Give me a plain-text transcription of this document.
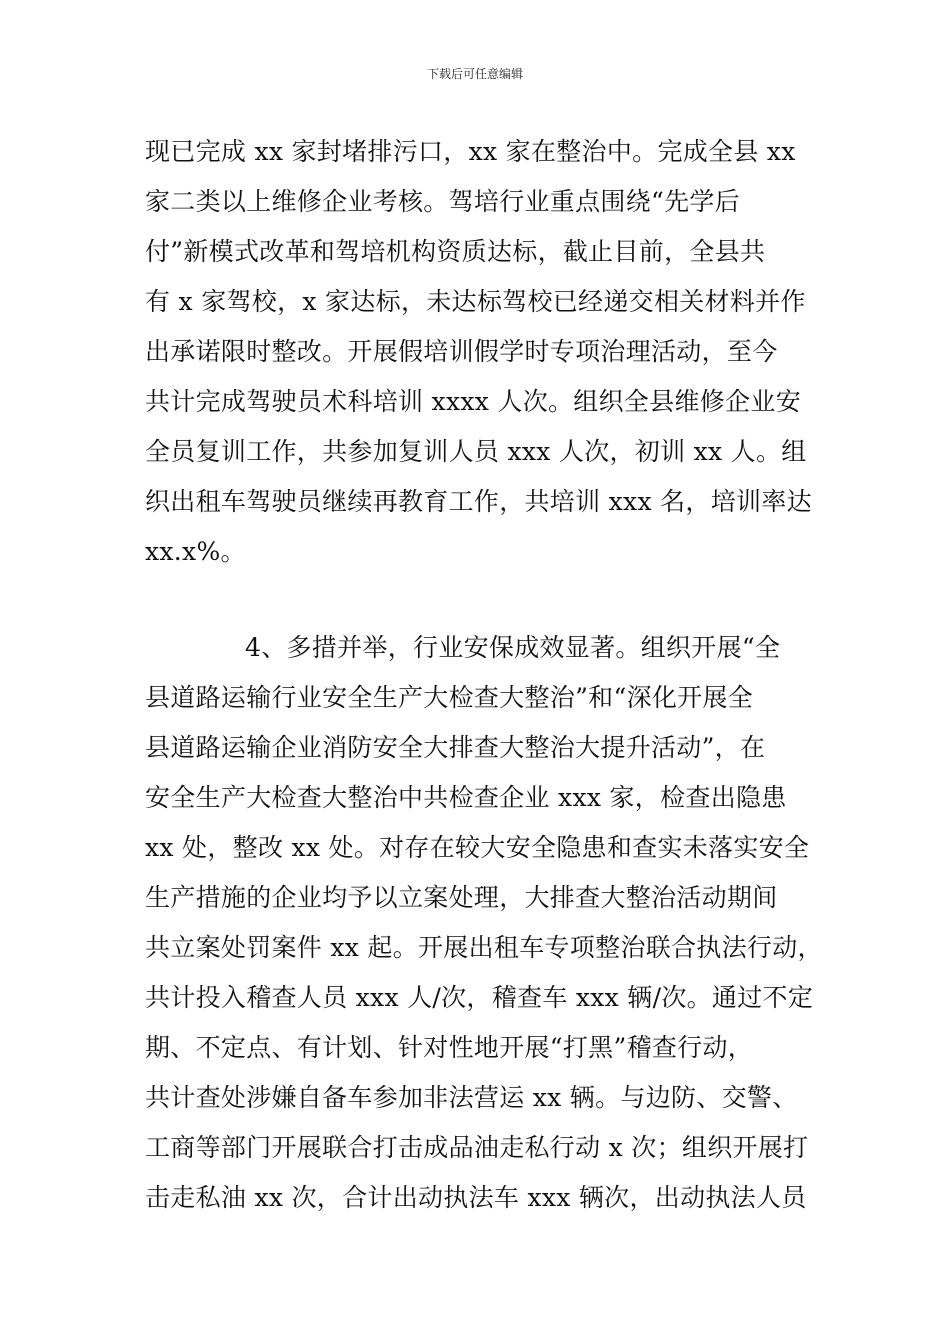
下载后可任意编辑
现已完成 xx 家封堵排污口，xx 家在整治中。完成全县 xx
家二类以上维修企业考核。驾培行业重点围绕“先学后
付”新模式改革和驾培机构资质达标，截止目前，全县共
有 x 家驾校，x 家达标，未达标驾校已经递交相关材料并作
出承诺限时整改。开展假培训假学时专项治理活动，至今
共计完成驾驶员术科培训 xxxx 人次。组织全县维修企业安
全员复训工作，共参加复训人员 xxx 人次，初训 xx 人。组
织出租车驾驶员继续再教育工作，共培训 xxx 名，培训率达
xx.x%。
4、多措并举，行业安保成效显著。组织开展“全
县道路运输行业安全生产大检查大整治”和“深化开展全
县道路运输企业消防安全大排查大整治大提升活动”，在
安全生产大检查大整治中共检查企业 xxx 家，检查出隐患
xx 处，整改 xx 处。对存在较大安全隐患和查实未落实安全
生产措施的企业均予以立案处理，大排查大整治活动期间
共立案处罚案件 xx 起。开展出租车专项整治联合执法行动，
共计投入稽查人员 xxx 人/次，稽查车 xxx 辆/次。通过不定
期、不定点、有计划、针对性地开展“打黑”稽查行动，
共计查处涉嫌自备车参加非法营运 xx 辆。与边防、交警、
工商等部门开展联合打击成品油走私行动 x 次；组织开展打
击走私油 xx 次，合计出动执法车 xxx 辆次，出动执法人员
